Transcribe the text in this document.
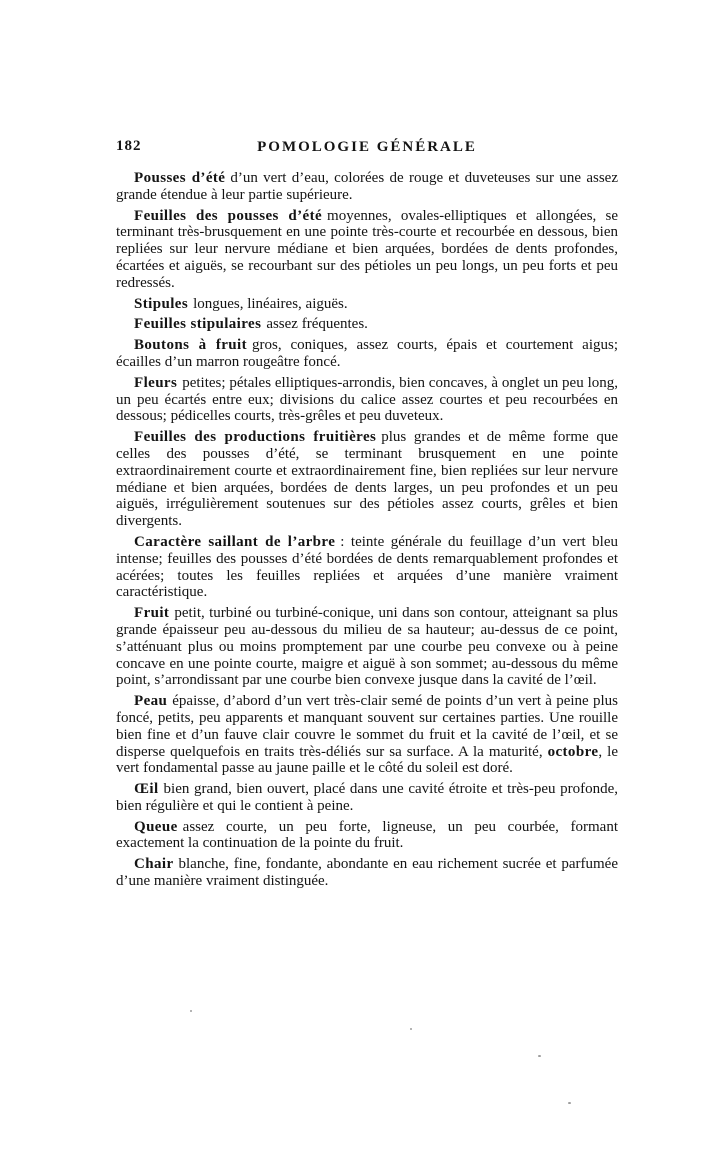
182	POMOLOGIE GÉNÉRALE

Pousses d’été d’un vert d’eau, colorées de rouge et duveteuses sur une assez grande étendue à leur partie supérieure.

Feuilles des pousses d’été moyennes, ovales-elliptiques et allongées, se terminant très-brusquement en une pointe très-courte et recourbée en dessous, bien repliées sur leur nervure médiane et bien arquées, bordées de dents profondes, écartées et aiguës, se recourbant sur des pétioles un peu longs, un peu forts et peu redressés.

Stipules longues, linéaires, aiguës.

Feuilles stipulaires assez fréquentes.

Boutons à fruit gros, coniques, assez courts, épais et courtement aigus; écailles d’un marron rougeâtre foncé.

Fleurs petites; pétales elliptiques-arrondis, bien concaves, à onglet un peu long, un peu écartés entre eux; divisions du calice assez courtes et peu recourbées en dessous; pédicelles courts, très-grêles et peu duveteux.

Feuilles des productions fruitières plus grandes et de même forme que celles des pousses d’été, se terminant brusquement en une pointe extraordinairement courte et extraordinairement fine, bien repliées sur leur nervure médiane et bien arquées, bordées de dents larges, un peu profondes et un peu aiguës, irrégulièrement soutenues sur des pétioles assez courts, grêles et bien divergents.

Caractère saillant de l’arbre : teinte générale du feuillage d’un vert bleu intense; feuilles des pousses d’été bordées de dents remarquablement profondes et acérées; toutes les feuilles repliées et arquées d’une manière vraiment caractéristique.

Fruit petit, turbiné ou turbiné-conique, uni dans son contour, atteignant sa plus grande épaisseur peu au-dessous du milieu de sa hauteur; au-dessus de ce point, s’atténuant plus ou moins promptement par une courbe peu convexe ou à peine concave en une pointe courte, maigre et aiguë à son sommet; au-dessous du même point, s’arrondissant par une courbe bien convexe jusque dans la cavité de l’œil.

Peau épaisse, d’abord d’un vert très-clair semé de points d’un vert à peine plus foncé, petits, peu apparents et manquant souvent sur certaines parties. Une rouille bien fine et d’un fauve clair couvre le sommet du fruit et la cavité de l’œil, et se disperse quelquefois en traits très-déliés sur sa surface. A la maturité, octobre, le vert fondamental passe au jaune paille et le côté du soleil est doré.

Œil bien grand, bien ouvert, placé dans une cavité étroite et très-peu profonde, bien régulière et qui le contient à peine.

Queue assez courte, un peu forte, ligneuse, un peu courbée, formant exactement la continuation de la pointe du fruit.

Chair blanche, fine, fondante, abondante en eau richement sucrée et parfumée d’une manière vraiment distinguée.
